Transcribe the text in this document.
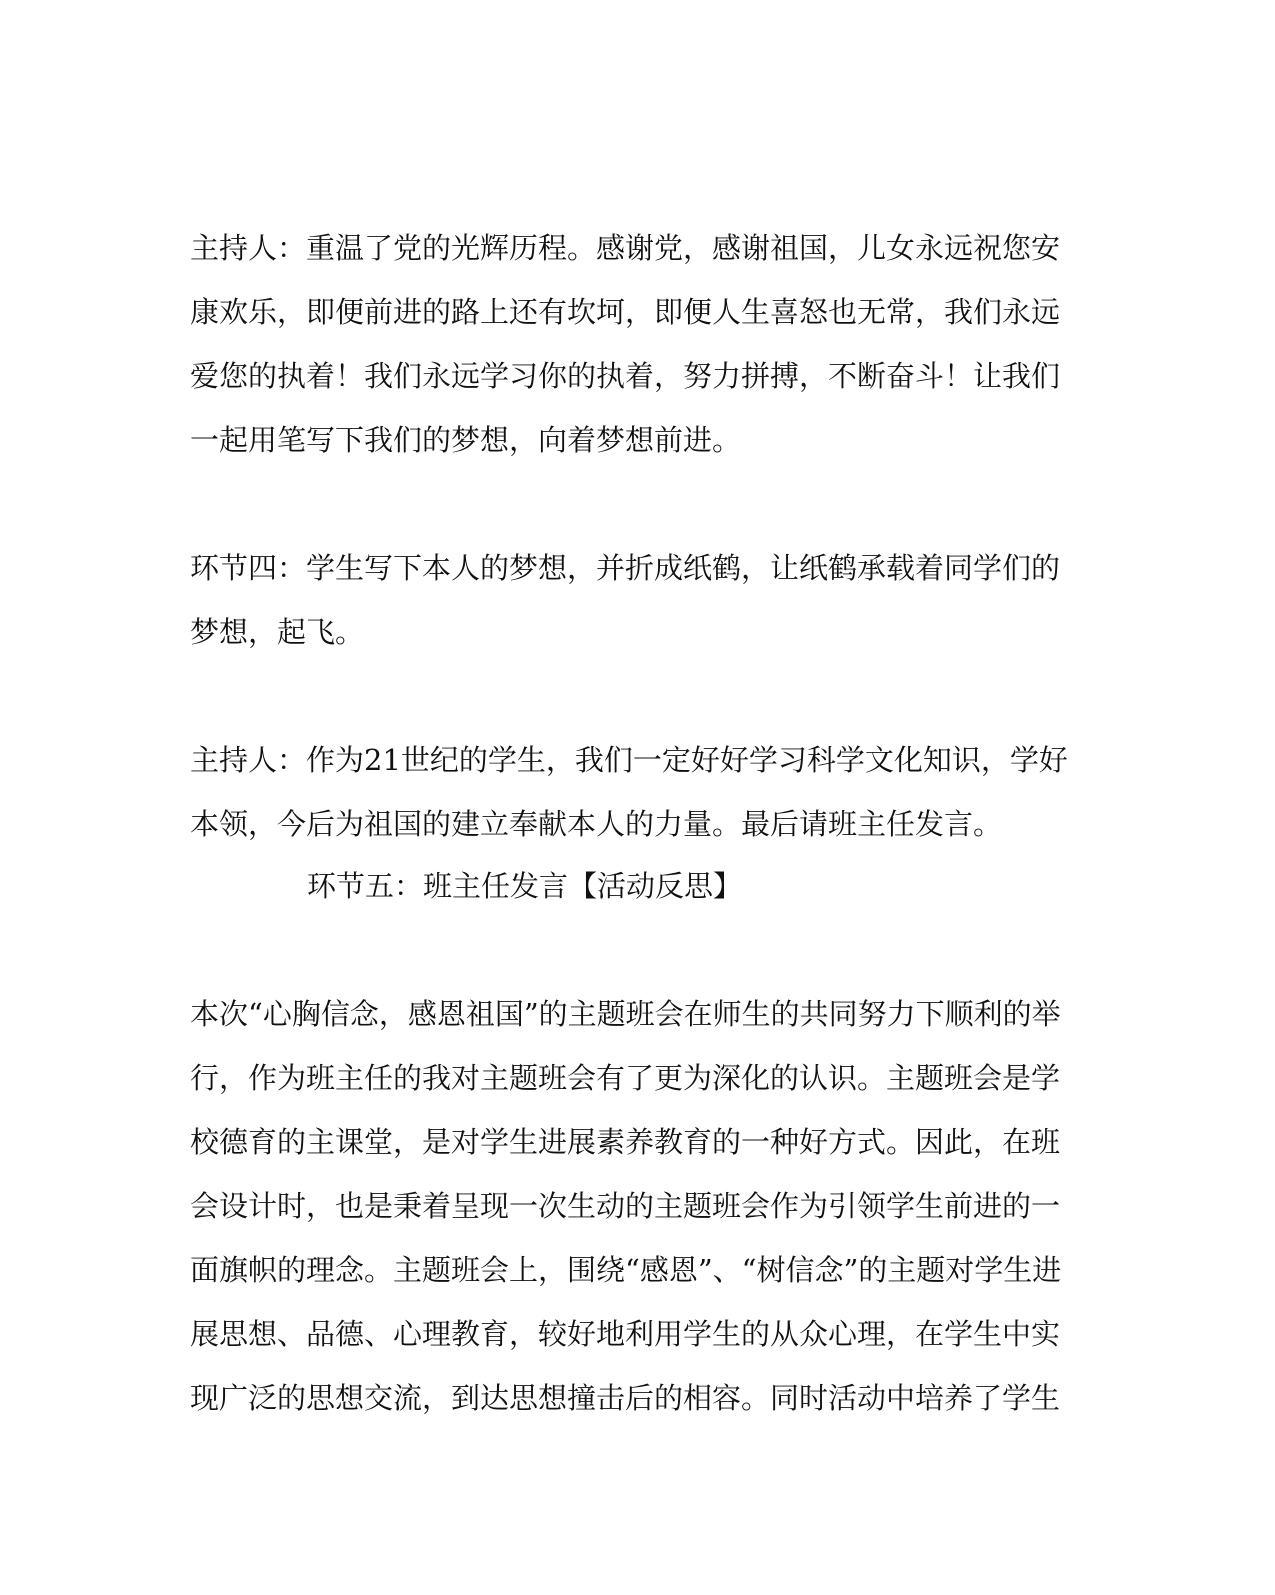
主持人：重温了党的光辉历程。感谢党，感谢祖国，儿女永远祝您安
康欢乐，即便前进的路上还有坎坷，即便人生喜怒也无常，我们永远
爱您的执着！我们永远学习你的执着，努力拼搏，不断奋斗！让我们
一起用笔写下我们的梦想，向着梦想前进。
环节四：学生写下本人的梦想，并折成纸鹤，让纸鹤承载着同学们的
梦想，起飞。
主持人：作为21世纪的学生，我们一定好好学习科学文化知识，学好
本领，今后为祖国的建立奉献本人的力量。最后请班主任发言。
环节五：班主任发言【活动反思】
本次“心胸信念，感恩祖国”的主题班会在师生的共同努力下顺利的举
行，作为班主任的我对主题班会有了更为深化的认识。主题班会是学
校德育的主课堂，是对学生进展素养教育的一种好方式。因此，在班
会设计时，也是秉着呈现一次生动的主题班会作为引领学生前进的一
面旗帜的理念。主题班会上，围绕“感恩”、“树信念”的主题对学生进
展思想、品德、心理教育，较好地利用学生的从众心理，在学生中实
现广泛的思想交流，到达思想撞击后的相容。同时活动中培养了学生
